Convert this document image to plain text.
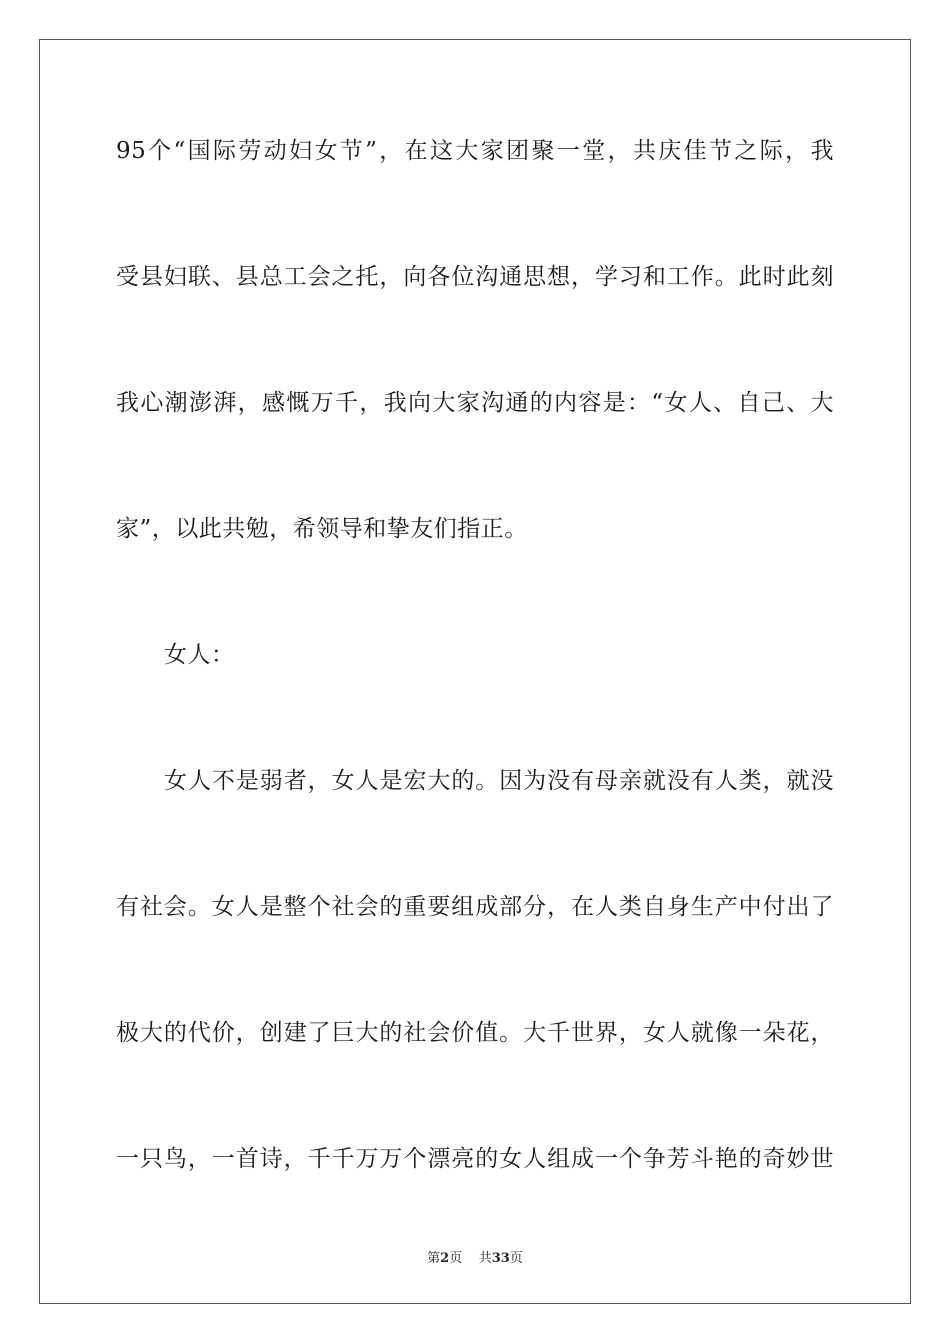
95个“国际劳动妇女节”，在这大家团聚一堂，共庆佳节之际，我
受县妇联、县总工会之托，向各位沟通思想，学习和工作。此时此刻
我心潮澎湃，感慨万千，我向大家沟通的内容是：“女人、自己、大
家”，以此共勉，希领导和挚友们指正。
女人：
女人不是弱者，女人是宏大的。因为没有母亲就没有人类，就没
有社会。女人是整个社会的重要组成部分，在人类自身生产中付出了
极大的代价，创建了巨大的社会价值。大千世界，女人就像一朵花，
一只鸟，一首诗，千千万万个漂亮的女人组成一个争芳斗艳的奇妙世
第2页 共33页
